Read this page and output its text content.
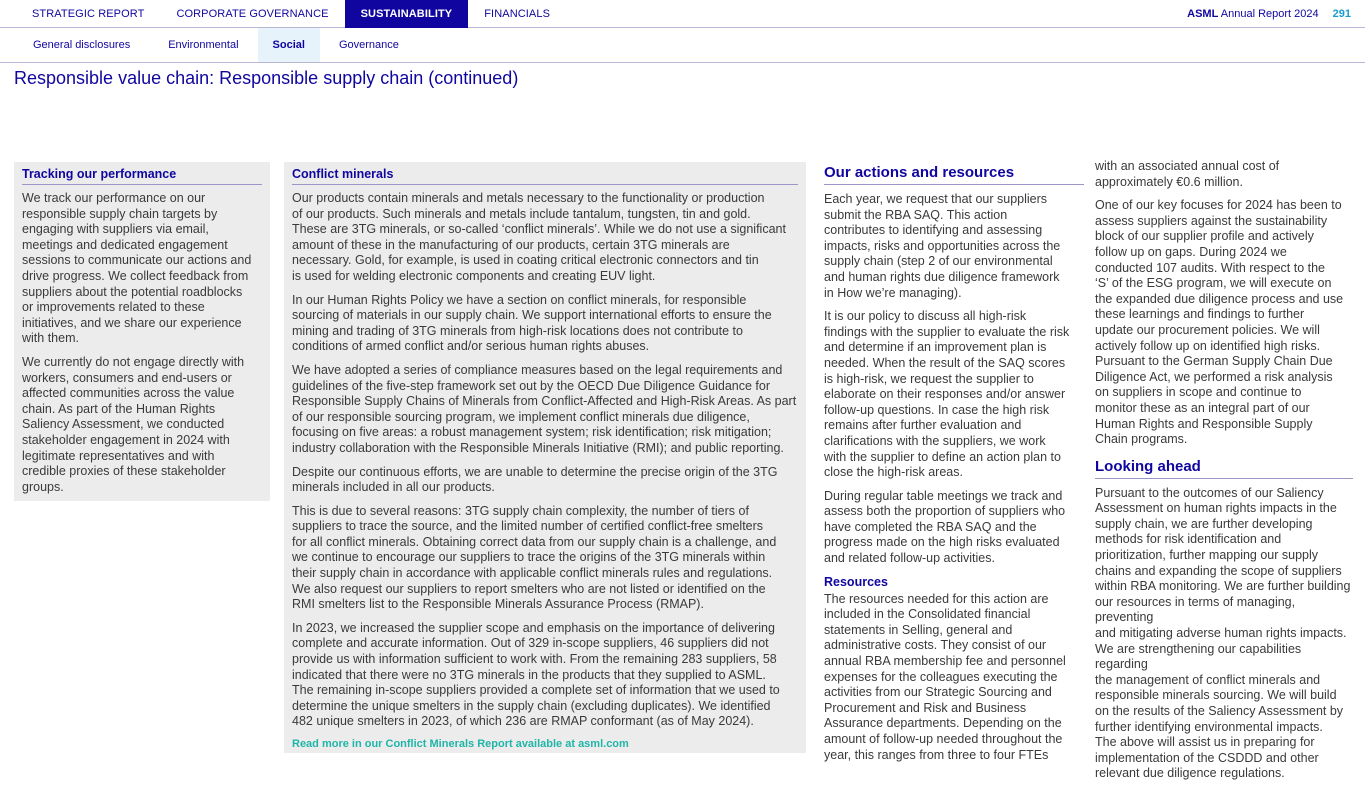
STRATEGIC REPORT	CORPORATE GOVERNANCE	SUSTAINABILITY	FINANCIALS	ASML Annual Report 2024 291
General disclosures	Environmental	Social	Governance
Responsible value chain: Responsible supply chain (continued)
Tracking our performance

We track our performance on our
responsible supply chain targets by
engaging with suppliers via email,
meetings and dedicated engagement
sessions to communicate our actions and
drive progress. We collect feedback from
suppliers about the potential roadblocks
or improvements related to these
initiatives, and we share our experience
with them.

We currently do not engage directly with
workers, consumers and end-users or
affected communities across the value
chain. As part of the Human Rights
Saliency Assessment, we conducted
stakeholder engagement in 2024 with
legitimate representatives and with
credible proxies of these stakeholder
groups.

Conflict minerals

Our products contain minerals and metals necessary to the functionality or production
of our products. Such minerals and metals include tantalum, tungsten, tin and gold.
These are 3TG minerals, or so-called ‘conflict minerals’. While we do not use a significant
amount of these in the manufacturing of our products, certain 3TG minerals are
necessary. Gold, for example, is used in coating critical electronic connectors and tin
is used for welding electronic components and creating EUV light.

In our Human Rights Policy we have a section on conflict minerals, for responsible
sourcing of materials in our supply chain. We support international efforts to ensure the
mining and trading of 3TG minerals from high-risk locations does not contribute to
conditions of armed conflict and/or serious human rights abuses.

We have adopted a series of compliance measures based on the legal requirements and
guidelines of the five-step framework set out by the OECD Due Diligence Guidance for
Responsible Supply Chains of Minerals from Conflict-Affected and High-Risk Areas. As part
of our responsible sourcing program, we implement conflict minerals due diligence,
focusing on five areas: a robust management system; risk identification; risk mitigation;
industry collaboration with the Responsible Minerals Initiative (RMI); and public reporting.

Despite our continuous efforts, we are unable to determine the precise origin of the 3TG
minerals included in all our products.

This is due to several reasons: 3TG supply chain complexity, the number of tiers of
suppliers to trace the source, and the limited number of certified conflict-free smelters
for all conflict minerals. Obtaining correct data from our supply chain is a challenge, and
we continue to encourage our suppliers to trace the origins of the 3TG minerals within
their supply chain in accordance with applicable conflict minerals rules and regulations.
We also request our suppliers to report smelters who are not listed or identified on the
RMI smelters list to the Responsible Minerals Assurance Process (RMAP).

In 2023, we increased the supplier scope and emphasis on the importance of delivering
complete and accurate information. Out of 329 in-scope suppliers, 46 suppliers did not
provide us with information sufficient to work with. From the remaining 283 suppliers, 58
indicated that there were no 3TG minerals in the products that they supplied to ASML.
The remaining in-scope suppliers provided a complete set of information that we used to
determine the unique smelters in the supply chain (excluding duplicates). We identified
482 unique smelters in 2023, of which 236 are RMAP conformant (as of May 2024).

Read more in our Conflict Minerals Report available at asml.com
Our actions and resources

Each year, we request that our suppliers
submit the RBA SAQ. This action
contributes to identifying and assessing
impacts, risks and opportunities across the
supply chain (step 2 of our environmental
and human rights due diligence framework
in How we’re managing).

It is our policy to discuss all high-risk
findings with the supplier to evaluate the risk
and determine if an improvement plan is
needed. When the result of the SAQ scores
is high-risk, we request the supplier to
elaborate on their responses and/or answer
follow-up questions. In case the high risk
remains after further evaluation and
clarifications with the suppliers, we work
with the supplier to define an action plan to
close the high-risk areas.

During regular table meetings we track and
assess both the proportion of suppliers who
have completed the RBA SAQ and the
progress made on the high risks evaluated
and related follow-up activities.

Resources

The resources needed for this action are
included in the Consolidated financial
statements in Selling, general and
administrative costs. They consist of our
annual RBA membership fee and personnel
expenses for the colleagues executing the
activities from our Strategic Sourcing and
Procurement and Risk and Business
Assurance departments. Depending on the
amount of follow-up needed throughout the
year, this ranges from three to four FTEs

with an associated annual cost of
approximately €0.6 million.

One of our key focuses for 2024 has been to
assess suppliers against the sustainability
block of our supplier profile and actively
follow up on gaps. During 2024 we
conducted 107 audits. With respect to the
‘S’ of the ESG program, we will execute on
the expanded due diligence process and use
these learnings and findings to further
update our procurement policies. We will
actively follow up on identified high risks.
Pursuant to the German Supply Chain Due
Diligence Act, we performed a risk analysis
on suppliers in scope and continue to
monitor these as an integral part of our
Human Rights and Responsible Supply
Chain programs.

Looking ahead

Pursuant to the outcomes of our Saliency
Assessment on human rights impacts in the
supply chain, we are further developing
methods for risk identification and
prioritization, further mapping our supply
chains and expanding the scope of suppliers
within RBA monitoring. We are further building
our resources in terms of managing, preventing
and mitigating adverse human rights impacts.
We are strengthening our capabilities regarding
the management of conflict minerals and
responsible minerals sourcing. We will build
on the results of the Saliency Assessment by
further identifying environmental impacts.
The above will assist us in preparing for
implementation of the CSDDD and other
relevant due diligence regulations.
